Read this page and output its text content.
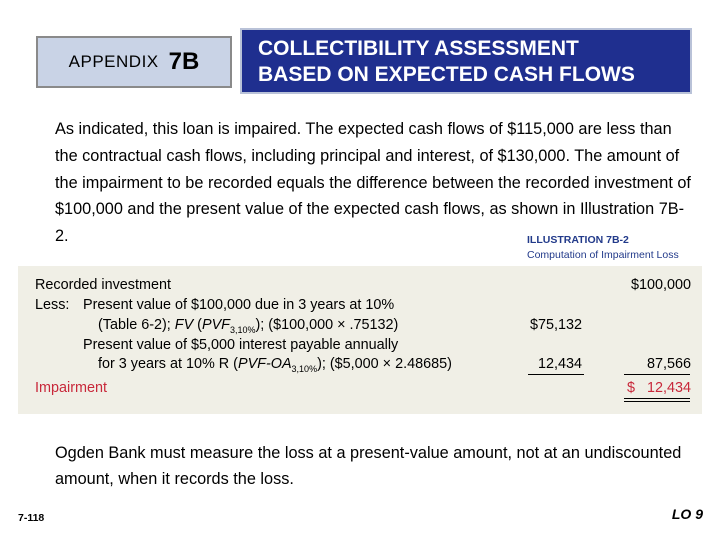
APPENDIX 7B	COLLECTIBILITY ASSESSMENT
BASED ON EXPECTED CASH FLOWS
As indicated, this loan is impaired. The expected cash flows of $115,000 are less than the contractual cash flows, including principal and interest, of $130,000. The amount of the impairment to be recorded equals the difference between the recorded investment of $100,000 and the present value of the expected cash flows, as shown in Illustration 7B-2.	ILLUSTRATION 7B-2
Computation of Impairment Loss
Recorded investment	$100,000
Less: Present value of $100,000 due in 3 years at 10%
(Table 6-2); FV $(PVF_{3,10\%})$; ($100,000 × .75132)	$75,132
Present value of $5,000 interest payable annually
for 3 years at 10% R $(PVF-OA_{3,10\%})$; ($5,000 × 2.48685)	12,434	87,566
Impairment	$ 12,434
Ogden Bank must measure the loss at a present-value amount, not at an undiscounted amount, when it records the loss.
7-118	LO 9
